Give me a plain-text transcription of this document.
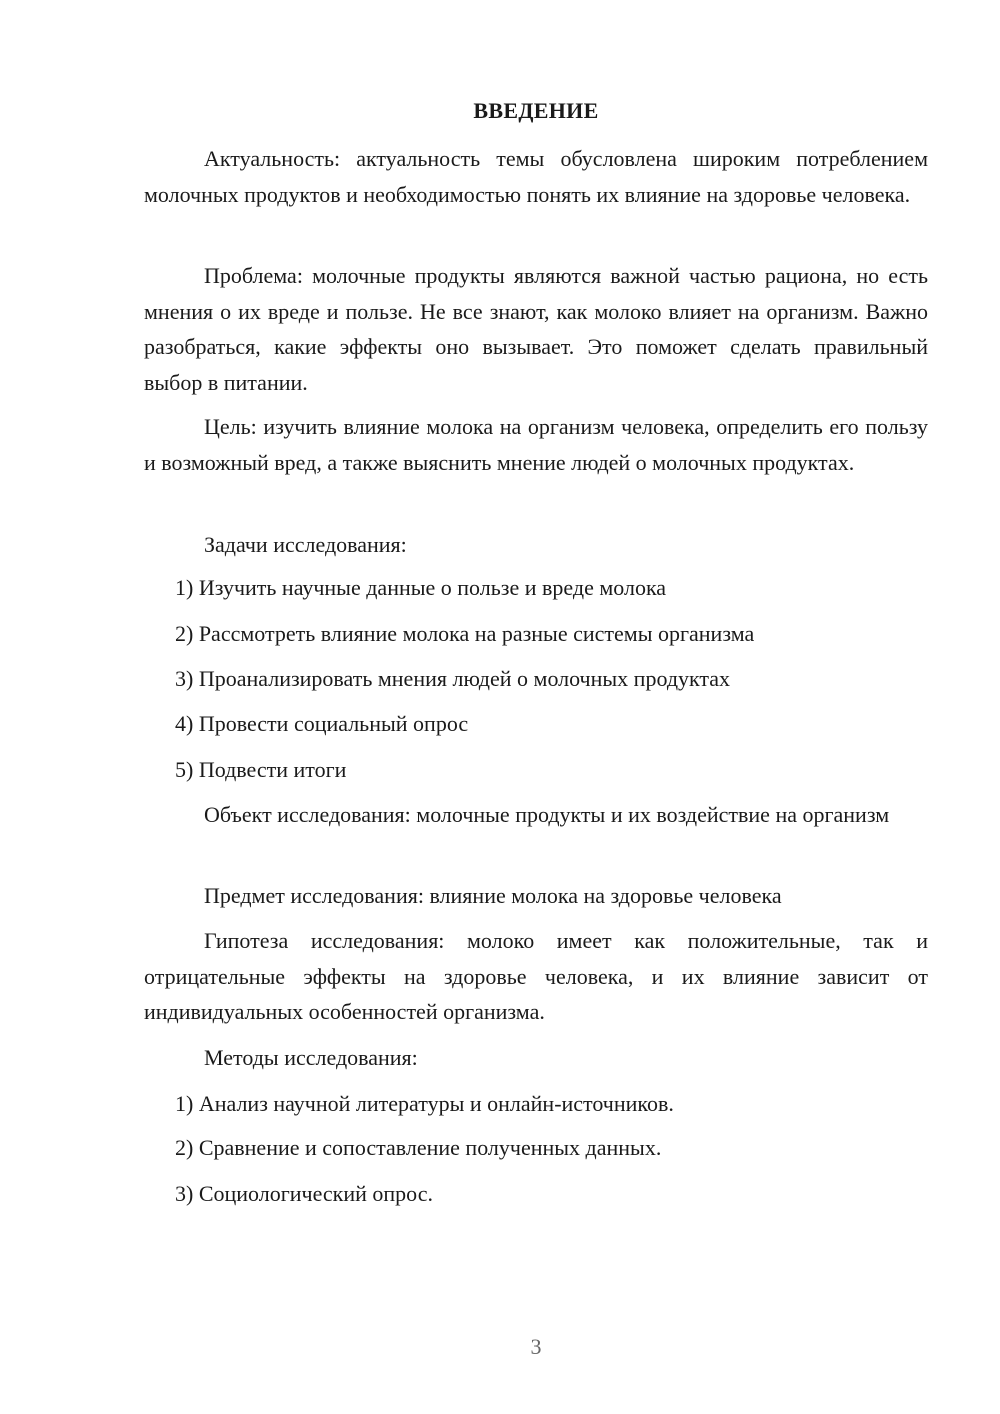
ВВЕДЕНИЕ

Актуальность: актуальность темы обусловлена широким потреблением молочных продуктов и необходимостью понять их влияние на здоровье человека.

Проблема: молочные продукты являются важной частью рациона, но есть мнения о их вреде и пользе. Не все знают, как молоко влияет на организм. Важно разобраться, какие эффекты оно вызывает. Это поможет сделать правильный выбор в питании.

Цель: изучить влияние молока на организм человека, определить его пользу и возможный вред, а также выяснить мнение людей о молочных продуктах.

Задачи исследования:

1) Изучить научные данные о пользе и вреде молока

2) Рассмотреть влияние молока на разные системы организма

3) Проанализировать мнения людей о молочных продуктах

4) Провести социальный опрос

5) Подвести итоги

Объект исследования: молочные продукты и их воздействие на организм

Предмет исследования: влияние молока на здоровье человека

Гипотеза исследования: молоко имеет как положительные, так и отрицательные эффекты на здоровье человека, и их влияние зависит от индивидуальных особенностей организма.

Методы исследования:

1) Анализ научной литературы и онлайн-источников.

2) Сравнение и сопоставление полученных данных.

3) Социологический опрос.

3
